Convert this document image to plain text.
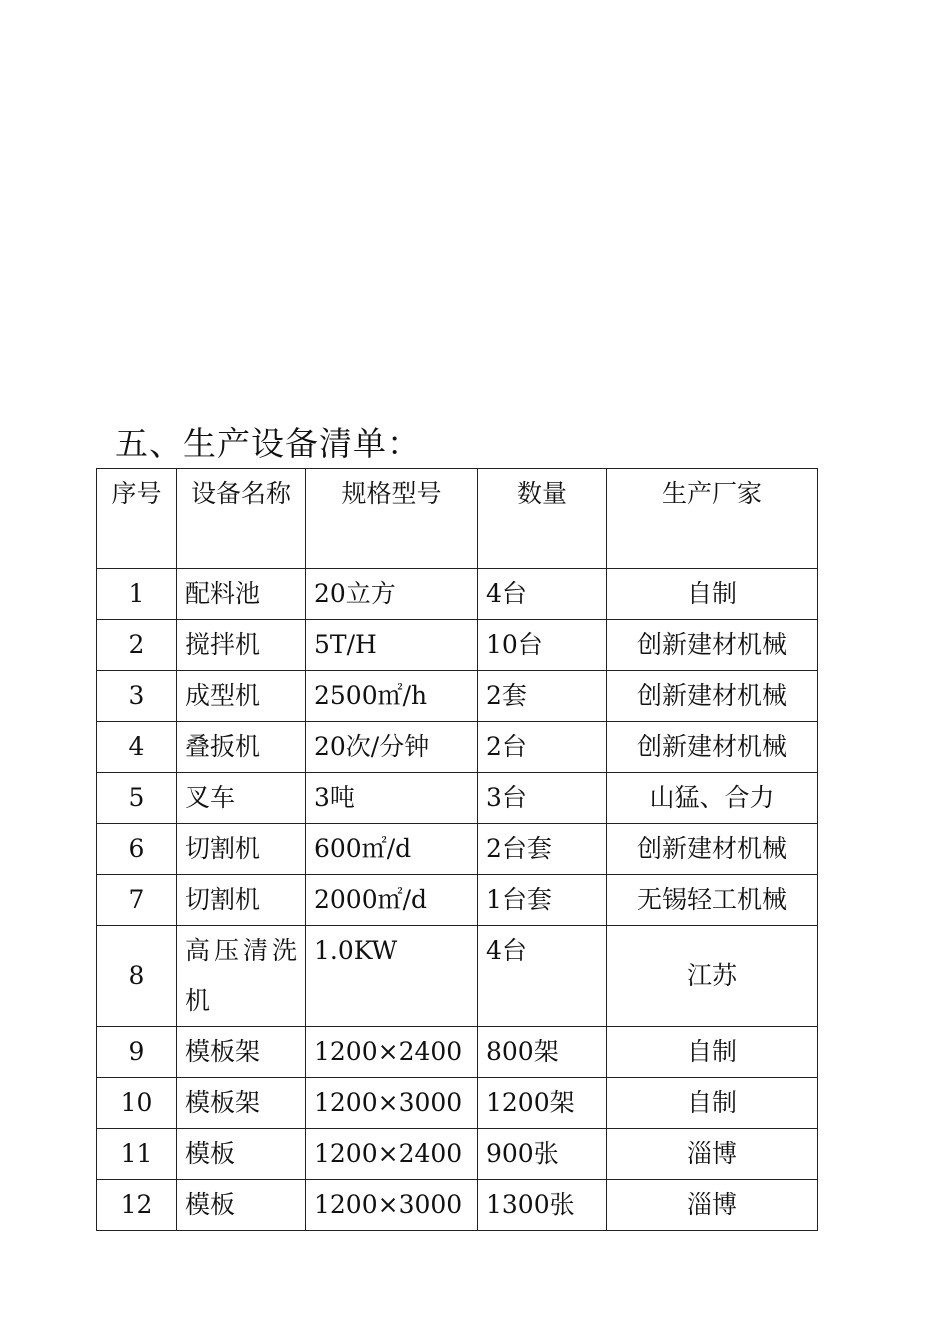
五、生产设备清单：
序号	设备名称	规格型号	数量	生产厂家
1	配料池	20立方	4台	自制
2	搅拌机	5T/H	10台	创新建材机械
3	成型机	2500㎡/h	2套	创新建材机械
4	叠扳机	20次/分钟	2台	创新建材机械
5	叉车	3吨	3台	山猛、合力
6	切割机	600㎡/d	2台套	创新建材机械
7	切割机	2000㎡/d	1台套	无锡轻工机械
8	高压清洗机	1.0KW	4台	江苏
9	模板架	1200×2400	800架	自制
10	模板架	1200×3000	1200架	自制
11	模板	1200×2400	900张	淄博
12	模板	1200×3000	1300张	淄博
